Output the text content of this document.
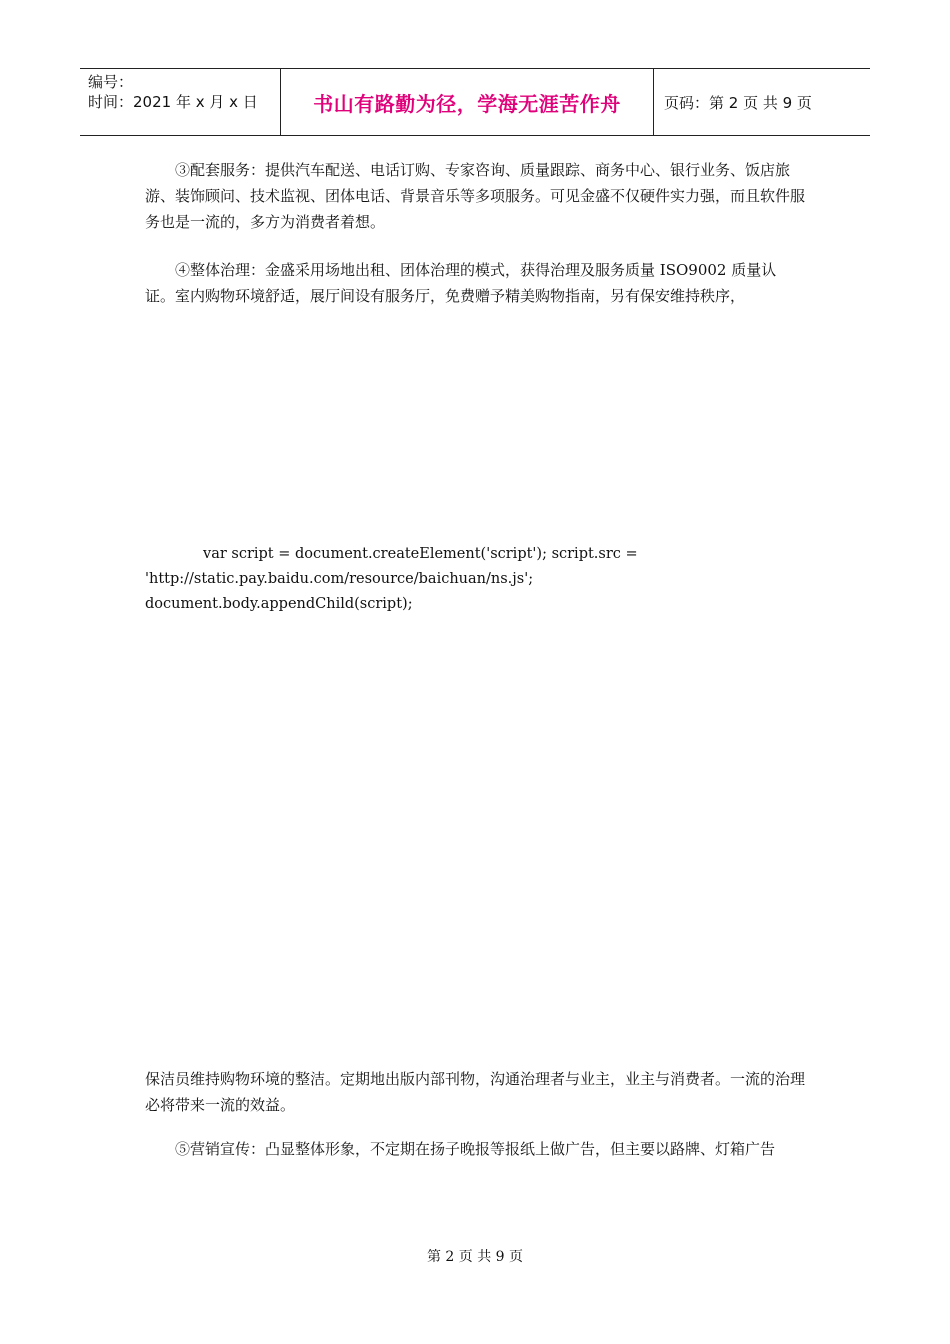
编号：
时间：2021 年 x 月 x 日	书山有路勤为径，学海无涯苦作舟	页码：第 2 页 共 9 页

③配套服务：提供汽车配送、电话订购、专家咨询、质量跟踪、商务中心、银行业务、饭店旅游、装饰顾问、技术监视、团体电话、背景音乐等多项服务。可见金盛不仅硬件实力强，而且软件服务也是一流的，多方为消费者着想。

④整体治理：金盛采用场地出租、团体治理的模式，获得治理及服务质量 ISO9002 质量认证。室内购物环境舒适，展厅间设有服务厅，免费赠予精美购物指南，另有保安维持秩序，

var script = document.createElement('script'); script.src =
'http://static.pay.baidu.com/resource/baichuan/ns.js';
document.body.appendChild(script);

保洁员维持购物环境的整洁。定期地出版内部刊物，沟通治理者与业主，业主与消费者。一流的治理必将带来一流的效益。

⑤营销宣传：凸显整体形象，不定期在扬子晚报等报纸上做广告，但主要以路牌、灯箱广告

第 2 页 共 9 页
